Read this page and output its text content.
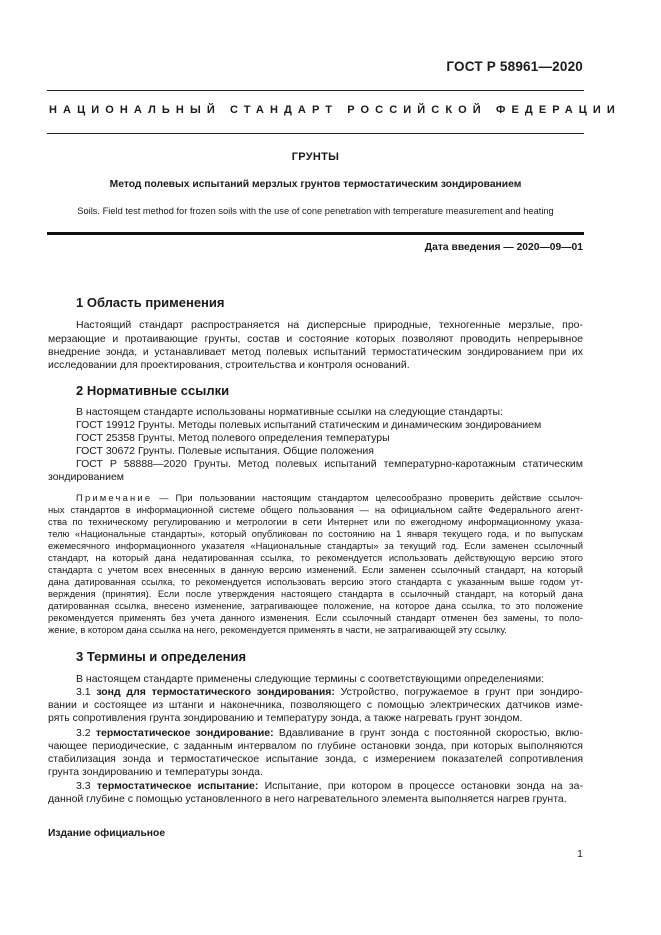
ГОСТ Р 58961—2020
НАЦИОНАЛЬНЫЙ СТАНДАРТ РОССИЙСКОЙ ФЕДЕРАЦИИ
ГРУНТЫ
Метод полевых испытаний мерзлых грунтов термостатическим зондированием
Soils. Field test method for frozen soils with the use of cone penetration with temperature measurement and heating
Дата введения — 2020—09—01
1 Область применения
Настоящий стандарт распространяется на дисперсные природные, техногенные мерзлые, про-
мерзающие и протаивающие грунты, состав и состояние которых позволяют проводить непрерывное
внедрение зонда, и устанавливает метод полевых испытаний термостатическим зондированием при их
исследовании для проектирования, строительства и контроля оснований.
2 Нормативные ссылки
В настоящем стандарте использованы нормативные ссылки на следующие стандарты:
ГОСТ 19912 Грунты. Методы полевых испытаний статическим и динамическим зондированием
ГОСТ 25358 Грунты. Метод полевого определения температуры
ГОСТ 30672 Грунты. Полевые испытания. Общие положения
ГОСТ Р 58888—2020 Грунты. Метод полевых испытаний температурно-каротажным статическим
зондированием
Примечание — При пользовании настоящим стандартом целесообразно проверить действие ссылоч-
ных стандартов в информационной системе общего пользования — на официальном сайте Федерального агент-
ства по техническому регулированию и метрологии в сети Интернет или по ежегодному информационному указа-
телю «Национальные стандарты», который опубликован по состоянию на 1 января текущего года, и по выпускам
ежемесячного информационного указателя «Национальные стандарты» за текущий год. Если заменен ссылочный
стандарт, на который дана недатированная ссылка, то рекомендуется использовать действующую версию этого
стандарта с учетом всех внесенных в данную версию изменений. Если заменен ссылочный стандарт, на который
дана датированная ссылка, то рекомендуется использовать версию этого стандарта с указанным выше годом ут-
верждения (принятия). Если после утверждения настоящего стандарта в ссылочный стандарт, на который дана
датированная ссылка, внесено изменение, затрагивающее положение, на которое дана ссылка, то это положение
рекомендуется применять без учета данного изменения. Если ссылочный стандарт отменен без замены, то поло-
жение, в котором дана ссылка на него, рекомендуется применять в части, не затрагивающей эту ссылку.
3 Термины и определения
В настоящем стандарте применены следующие термины с соответствующими определениями:
3.1 зонд для термостатического зондирования: Устройство, погружаемое в грунт при зондиро-
вании и состоящее из штанги и наконечника, позволяющего с помощью электрических датчиков изме-
рять сопротивления грунта зондированию и температуру зонда, а также нагревать грунт зондом.
3.2 термостатическое зондирование: Вдавливание в грунт зонда с постоянной скоростью, вклю-
чающее периодические, с заданным интервалом по глубине остановки зонда, при которых выполняются
стабилизация зонда и термостатическое испытание зонда, с измерением показателей сопротивления
грунта зондированию и температуры зонда.
3.3 термостатическое испытание: Испытание, при котором в процессе остановки зонда на за-
данной глубине с помощью установленного в него нагревательного элемента выполняется нагрев грунта.
Издание официальное
1
